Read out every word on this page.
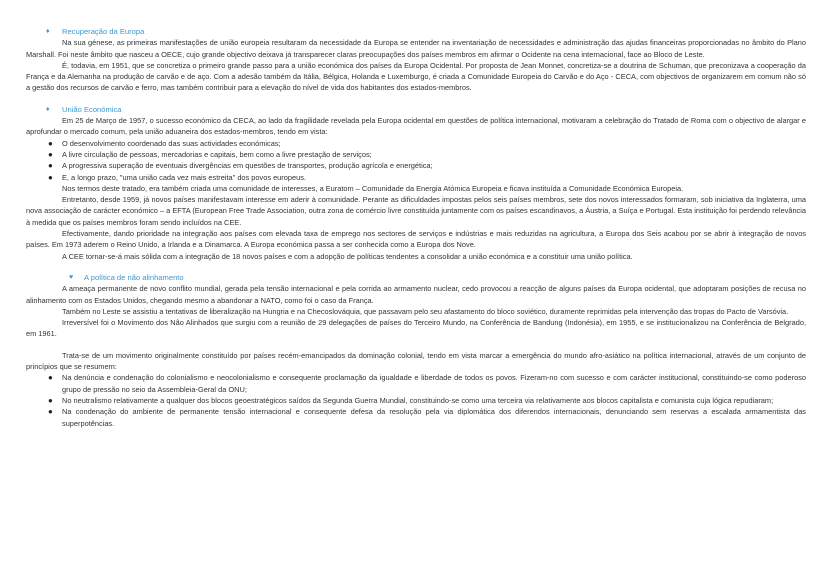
♦ Recuperação da Europa

Na sua génese, as primeiras manifestações de união europeia resultaram da necessidade da Europa se entender na inventariação de necessidades e administração das ajudas financeiras proporcionadas no âmbito do Plano Marshall. Foi neste âmbito que nasceu a OECE, cujo grande objectivo deixava já transparecer claras preocupações dos países membros em afirmar o Ocidente na cena internacional, face ao Bloco de Leste.

É, todavia, em 1951, que se concretiza o primeiro grande passo para a união económica dos países da Europa Ocidental. Por proposta de Jean Monnet, concretiza-se a doutrina de Schuman, que preconizava a cooperação da França e da Alemanha na produção de carvão e de aço. Com a adesão também da Itália, Bélgica, Holanda e Luxemburgo, é criada a Comunidade Europeia do Carvão e do Aço - CECA, com objectivos de organizarem em comum não só a gestão dos recursos de carvão e ferro, mas também contribuir para a elevação do nível de vida dos habitantes dos estados-membros.

♦ União Económica

Em 25 de Março de 1957, o sucesso económico da CECA, ao lado da fragilidade revelada pela Europa ocidental em questões de política internacional, motivaram a celebração do Tratado de Roma com o objectivo de alargar e aprofundar o mercado comum, pela união aduaneira dos estados-membros, tendo em vista:

● O desenvolvimento coordenado das suas actividades económicas;
● A livre circulação de pessoas, mercadorias e capitais, bem como a livre prestação de serviços;
● A progressiva superação de eventuais divergências em questões de transportes, produção agrícola e energética;
● E, a longo prazo, "uma união cada vez mais estreita" dos povos europeus.

Nos termos deste tratado, era também criada uma comunidade de interesses, a Euratom – Comunidade da Energia Atómica Europeia e ficava instituída a Comunidade Económica Europeia.

Entretanto, desde 1959, já novos países manifestavam interesse em aderir à comunidade. Perante as dificuldades impostas pelos seis países membros, sete dos novos interessados formaram, sob iniciativa da Inglaterra, uma nova associação de carácter económico – a EFTA (European Free Trade Association, outra zona de comércio livre constituída juntamente com os países escandinavos, a Áustria, a Suíça e Portugal. Esta instituição foi perdendo relevância à medida que os países membros foram sendo incluídos na CEE.

Efectivamente, dando prioridade na integração aos países com elevada taxa de emprego nos sectores de serviços e indústrias e mais reduzidas na agricultura, a Europa dos Seis acabou por se abrir à integração de novos países. Em 1973 aderem o Reino Unido, a Irlanda e a Dinamarca. A Europa económica passa a ser conhecida como a Europa dos Nove.

A CEE tornar-se-á mais sólida com a integração de 18 novos países e com a adopção de políticas tendentes a consolidar a união económica e a constituir uma união política.

♥ A política de não alinhamento

A ameaça permanente de novo conflito mundial, gerada pela tensão internacional e pela corrida ao armamento nuclear, cedo provocou a reacção de alguns países da Europa ocidental, que adoptaram posições de recusa no alinhamento com os Estados Unidos, chegando mesmo a abandonar a NATO, como foi o caso da França.

Também no Leste se assistiu a tentativas de liberalização na Hungria e na Checoslováquia, que passavam pelo seu afastamento do bloco soviético, duramente reprimidas pela intervenção das tropas do Pacto de Varsóvia.

Irreversível foi o Movimento dos Não Alinhados que surgiu com a reunião de 29 delegações de países do Terceiro Mundo, na Conferência de Bandung (Indonésia), em 1955, e se institucionalizou na Conferência de Belgrado, em 1961.

Trata-se de um movimento originalmente constituído por países recém-emancipados da dominação colonial, tendo em vista marcar a emergência do mundo afro-asiático na política internacional, através de um conjunto de princípios que se resumem:

● Na denúncia e condenação do colonialismo e neocolonialismo e consequente proclamação da igualdade e liberdade de todos os povos. Fizeram-no com sucesso e com carácter institucional, constituindo-se como poderoso grupo de pressão no seio da Assembleia-Geral da ONU;
● No neutralismo relativamente a qualquer dos blocos geoestratégicos saídos da Segunda Guerra Mundial, constituindo-se como uma terceira via relativamente aos blocos capitalista e comunista cuja lógica repudiaram;
● Na condenação do ambiente de permanente tensão internacional e consequente defesa da resolução pela via diplomática dos diferendos internacionais, denunciando sem reservas a escalada armamentista das superpotências.
